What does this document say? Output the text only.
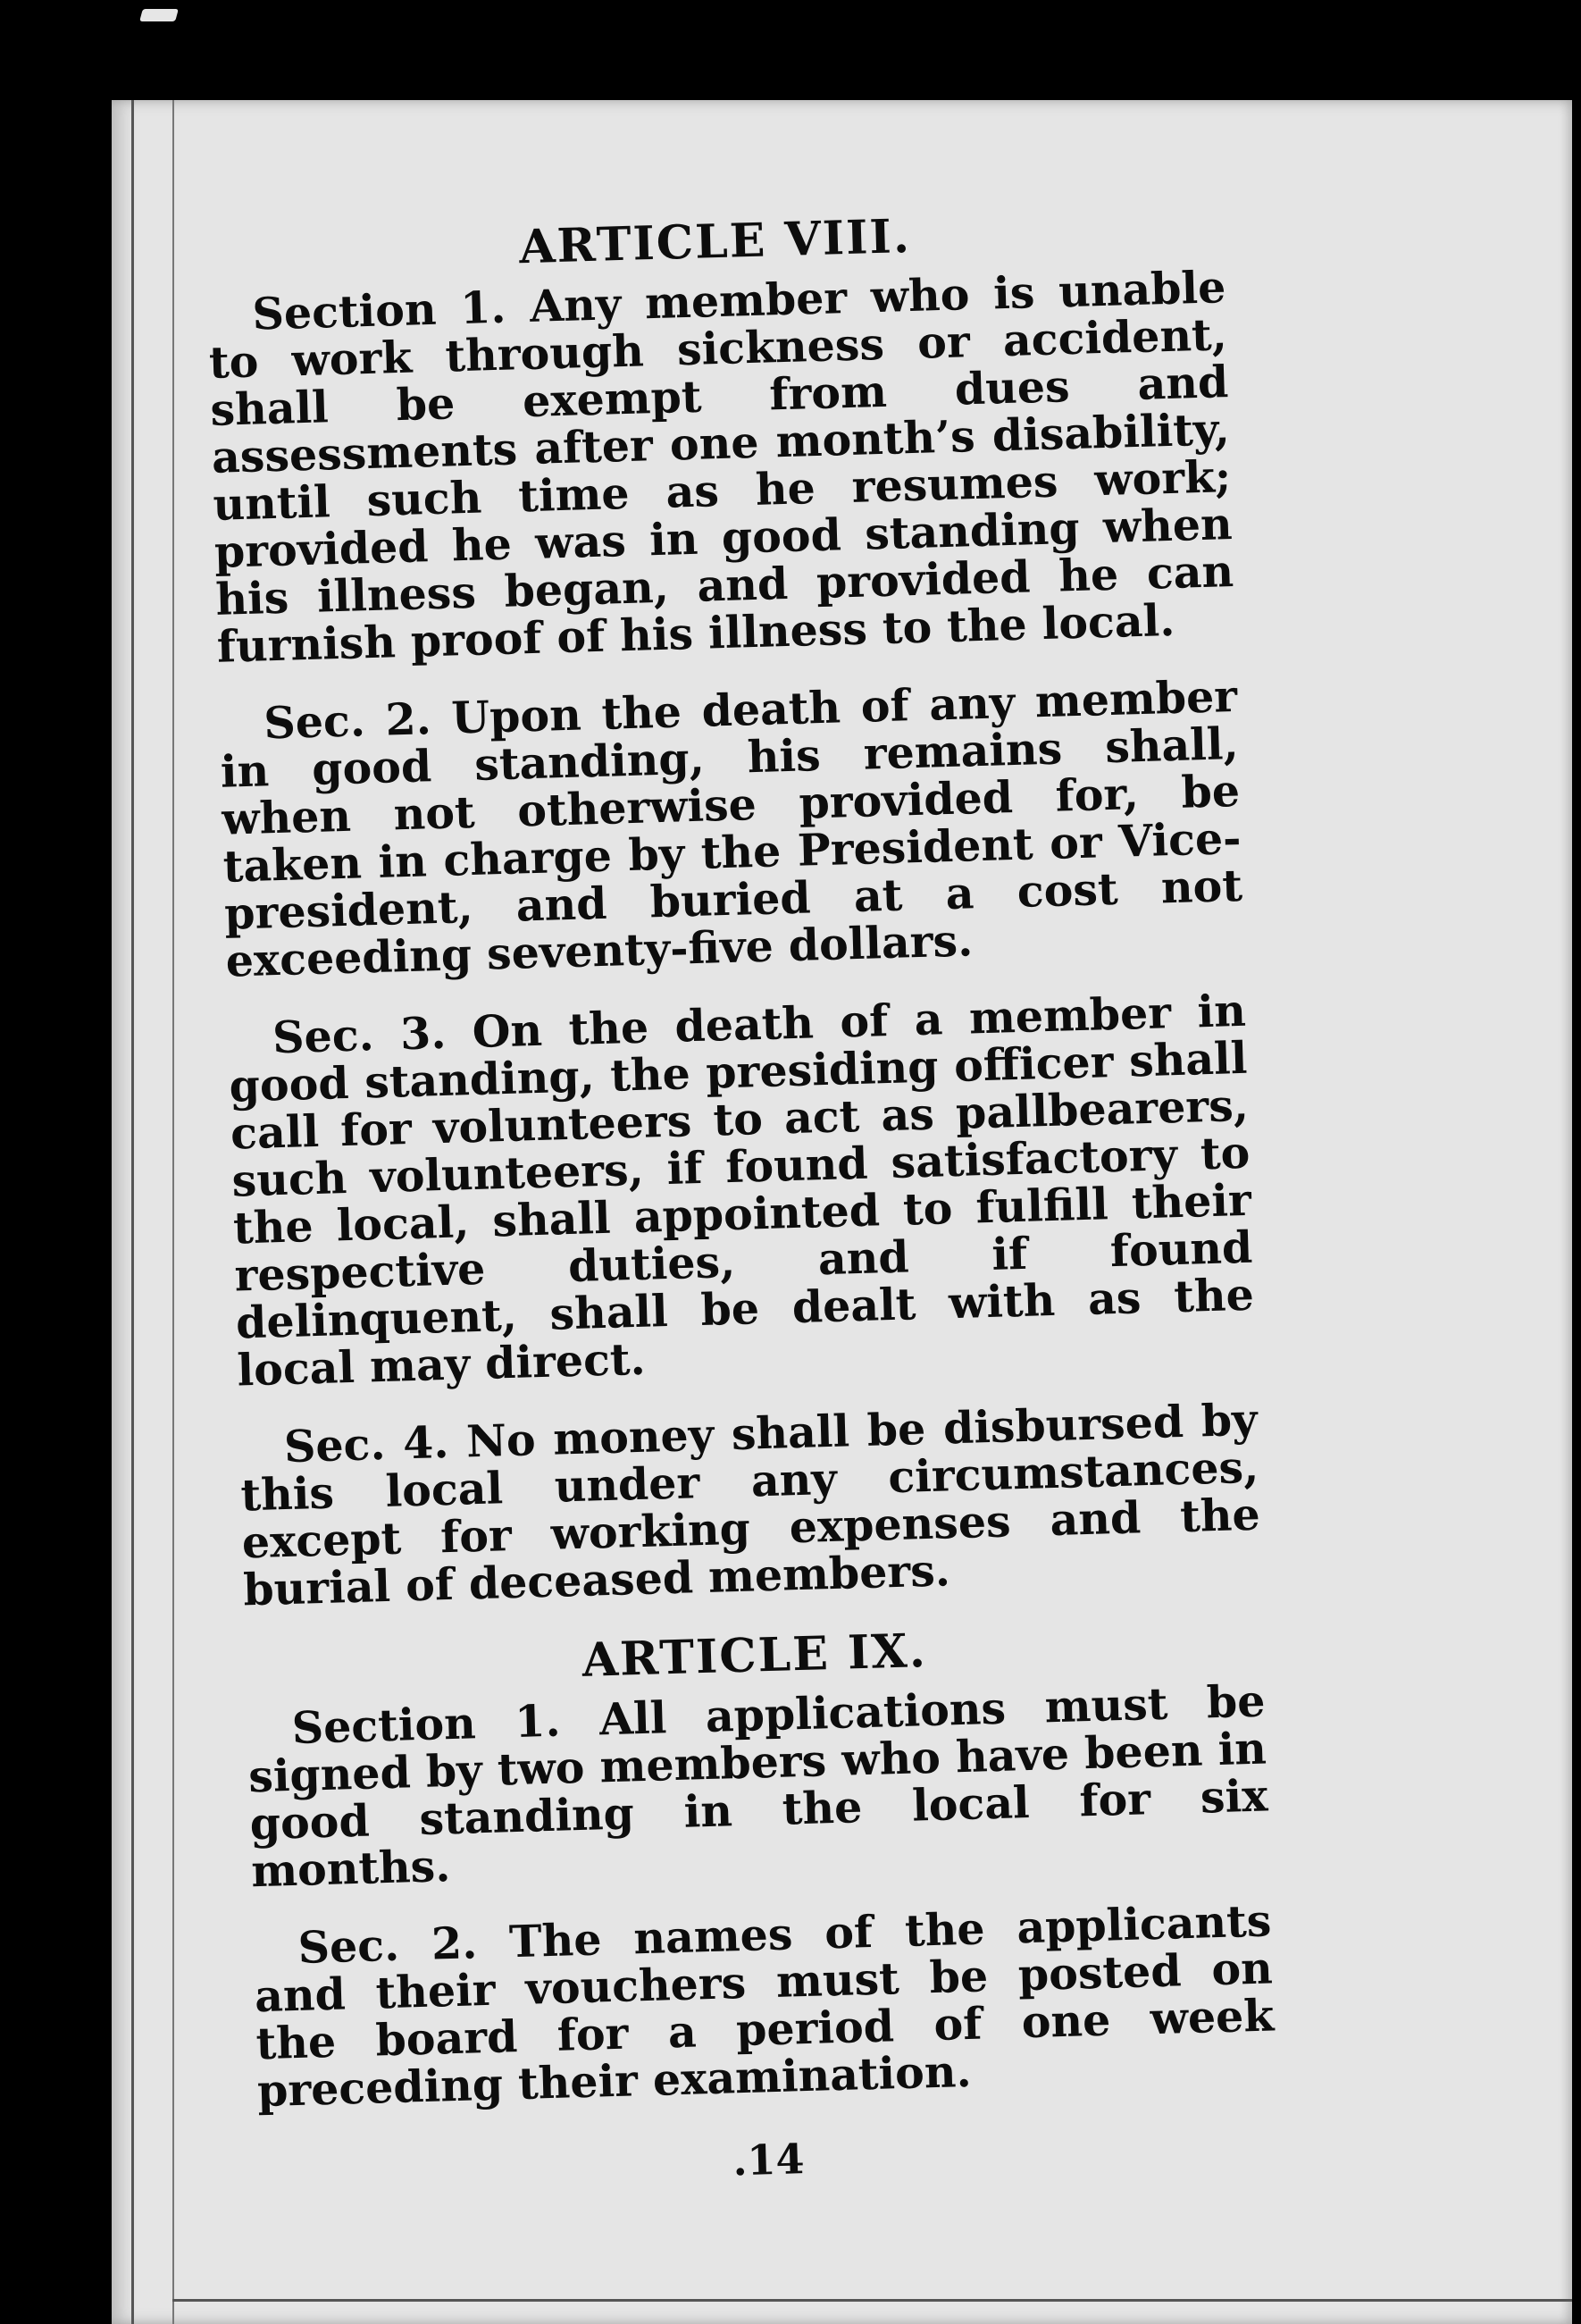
ARTICLE VIII.

Section 1. Any member who is unable to work through sickness or accident, shall be exempt from dues and assessments after one month’s disability, until such time as he resumes work; provided he was in good standing when his illness began, and provided he can furnish proof of his illness to the local.

Sec. 2. Upon the death of any member in good standing, his remains shall, when not otherwise provided for, be taken in charge by the President or Vice-president, and buried at a cost not exceeding seventy-five dollars.

Sec. 3. On the death of a member in good standing, the presiding officer shall call for volunteers to act as pallbearers, such volunteers, if found satisfactory to the local, shall appointed to fulfill their respective duties, and if found delinquent, shall be dealt with as the local may direct.

Sec. 4. No money shall be disbursed by this local under any circumstances, except for working expenses and the burial of deceased members.

ARTICLE IX.

Section 1. All applications must be signed by two members who have been in good standing in the local for six months.

Sec. 2. The names of the applicants and their vouchers must be posted on the board for a period of one week preceding their examination.

.14
